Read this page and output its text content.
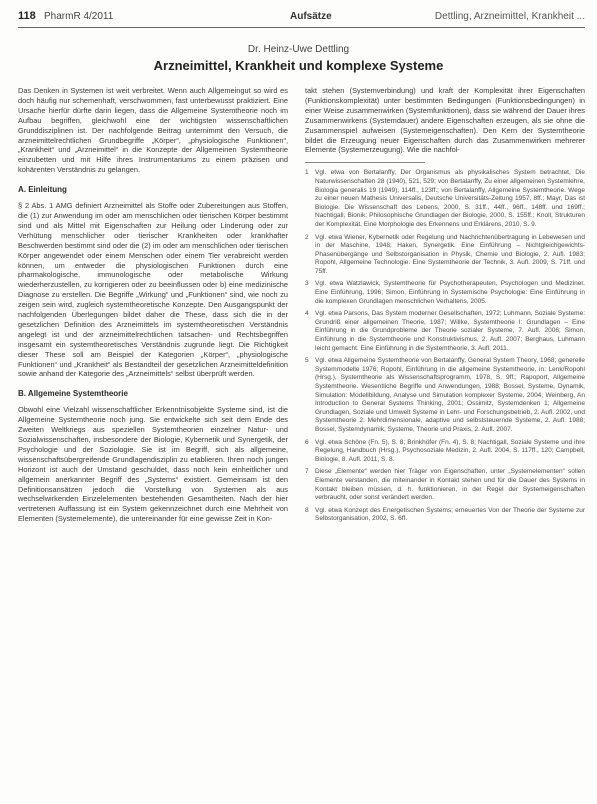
118 PharmR 4/2011	Aufsätze	Dettling, Arzneimittel, Krankheit ...
Dr. Heinz-Uwe Dettling
Arzneimittel, Krankheit und komplexe Systeme

Das Denken in Systemen ist weit verbreitet. Wenn auch Allgemeingut so wird es doch häufig nur schemenhaft, verschwommen, fast unterbewusst praktiziert. Eine Ursache hierfür dürfte darin liegen, dass die Allgemeine Systemtheorie noch im Aufbau begriffen, gleichwohl eine der wichtigsten wissenschaftlichen Grunddisziplinen ist. Der nachfolgende Beitrag unternimmt den Versuch, die arzneimittelrechtlichen Grundbegriffe „Körper“, „physiologische Funktionen“, „Krankheit“ und „Arzneimittel“ in die Konzepte der Allgemeinen Systemtheorie einzubetten und mit Hilfe ihres Instrumentariums zu einem präzisen und kohärenten Verständnis zu gelangen.

A. Einleitung

§ 2 Abs. 1 AMG definiert Arzneimittel als Stoffe oder Zubereitungen aus Stoffen, die (1) zur Anwendung im oder am menschlichen oder tierischen Körper bestimmt sind und als Mittel mit Eigenschaften zur Heilung oder Linderung oder zur Verhütung menschlicher oder tierischer Krankheiten oder krankhafter Beschwerden bestimmt sind oder die (2) im oder am menschlichen oder tierischen Körper angewendet oder einem Menschen oder einem Tier verabreicht werden können, um entweder die physiologischen Funktionen durch eine pharmakologische, immunologische oder metabolische Wirkung wiederherzustellen, zu korrigieren oder zu beeinflussen oder b) eine medizinische Diagnose zu erstellen. Die Begriffe „Wirkung“ und „Funktionen“ sind, wie noch zu zeigen sein wird, zugleich systemtheoretische Konzepte. Den Ausgangspunkt der nachfolgenden Überlegungen bildet daher die These, dass sich die in der gesetzlichen Definition des Arzneimittels im systemtheoretischen Verständnis angelegt ist und der arzneimittelrechtlichen tatsachen- und Rechtsbegriffen insgesamt ein systemtheoretisches Verständnis zugrunde liegt. Die Richtigkeit dieser These soll am Beispiel der Kategorien „Körper“, „physiologische Funktionen“ und „Krankheit“ als Bestandteil der gesetzlichen Arzneimitteldefinition sowie anhand der Kategorie des „Arzneimittels“ selbst überprüft werden.

B. Allgemeine Systemtheorie

Obwohl eine Vielzahl wissenschaftlicher Erkenntnisobjekte Systeme sind, ist die Allgemeine Systemtheorie noch jung. Sie entwickelte sich seit dem Ende des Zweiten Weltkriegs aus speziellen Systemtheorien einzelner Natur- und Sozialwissenschaften, insbesondere der Biologie, Kybernetik und Synergetik, der Psychologie und der Soziologie. Sie ist im Begriff, sich als allgemeine, wissenschaftsübergreifende Grundlagendisziplin zu etablieren. Ihren noch jungen Horizont ist auch der Umstand geschuldet, dass noch kein einheitlicher und allgemein anerkannter Begriff des „Systems“ existiert. Gemeinsam ist den Definitionsansätzen jedoch die Vorstellung von Systemen als aus wechselwirkenden Einzelelementen bestehenden Gesamtheiten. Nach der hier vertretenen Auffassung ist ein System gekennzeichnet durch eine Mehrheit von Elementen (Systemelemente), die untereinander für eine gewisse Zeit in Kon-

takt stehen (Systemverbindung) und kraft der Komplexität ihrer Eigenschaften (Funktionskomplexität) unter bestimmten Bedingungen (Funktionsbedingungen) in einer Weise zusammenwirken (Systemfunktionen), dass sie während der Dauer ihres Zusammenwirkens (Systemdauer) andere Eigenschaften erzeugen, als sie ohne die Zusammenspiel aufweisen (Systemeigenschaften). Den Kern der Systemtheorie bildet die Erzeugung neuer Eigenschaften durch das Zusammenwirken mehrerer Elemente (Systemerzeugung). Wie die nachfol-

1 Vgl. etwa von Bertalanffy, Der Organismus als physikalisches System betrachtet, Die Naturwissenschaften 28 (1940), 521, 529; von Bertalanffy, Zu einer allgemeinen Systemlehre, Biologia generalis 19 (1949), 114ff., 123ff.; von Bertalanffy, Allgemeine Systemtheorie. Wege zu einer neuen Mathesis Universalis, Deutsche Universitäts-Zeitung 1957, 8ff.; Mayr, Das ist Biologie. Die Wissenschaft des Lebens, 2000, S. 31ff., 44ff., 96ff., 148ff. und 169ff.; Nachtigall, Bionik: Philosophische Grundlagen der Biologie, 2000, S. 155ff.; Knoll, Strukturen der Komplexität. Eine Morphologie des Erkennens und Erklärens, 2010, S. 9.
2 Vgl. etwa Wiener, Kybernetik oder Regelung und Nachrichtenübertragung in Lebewesen und in der Maschine, 1948; Haken, Synergetik. Eine Einführung – Nichtgleichgewichts-Phasenübergänge und Selbstorganisation in Physik, Chemie und Biologie, 2. Aufl. 1983; Ropohl, Allgemeine Technologie. Eine Systemtheorie der Technik, 3. Aufl. 2009, S. 71ff. und 75ff.
3 Vgl. etwa Watzlawick, Systemtheorie für Psychotherapeuten, Psychologen und Mediziner. Eine Einführung, 1996; Simon, Einführung in Systemische Psychologie: Eine Einführung in die komplexen Grundlagen menschlichen Verhaltens, 2005.
4 Vgl. etwa Parsons, Das System moderner Gesellschaften, 1972; Luhmann, Soziale Systeme: Grundriß einer allgemeinen Theorie, 1987; Willke, Systemtheorie I: Grundlagen – Eine Einführung in die Grundprobleme der Theorie sozialer Systeme, 7. Aufl. 2006; Simon, Einführung in die Systemtheorie und Konstruktivismus, 2. Aufl. 2007; Berghaus, Luhmann leicht gemacht. Eine Einführung in die Systemtheorie, 3. Aufl. 2011.
5 Vgl. etwa Allgemeine Systemtheorie von Bertalanffy, General System Theory, 1968; generelle Systemmodelle 1976; Ropohl, Einführung in die allgemeine Systemtheorie, in: Lenk/Ropohl (Hrsg.), Systemtheorie als Wissenschaftsprogramm, 1978, S. 9ff.; Rapoport, Allgemeine Systemtheorie. Wesentliche Begriffe und Anwendungen, 1988; Bossel, Systeme, Dynamik, Simulation: Modellbildung, Analyse und Simulation komplexer Systeme, 2004; Weinberg, An Introduction to General Systems Thinking, 2001; Ossimitz, Systemdenken 1; Allgemeine Grundlagen, Soziale und Umwelt Systeme in Lehr- und Forschungsbetrieb, 2. Aufl. 2002, und Systemtheorie 2: Mehrdimensionale, adaptive und selbststeuernde Systeme, 2. Aufl. 1988; Bossel, Systemdynamik, Systeme, Theorie und Praxis, 2. Aufl. 2007.
6 Vgl. etwa Schöne (Fn. 5), S. 8; Brinkhöfer (Fn. 4), S. 8; Nachtigall, Soziale Systeme und ihre Regelung, Handbuch (Hrsg.), Psychosoziale Medizin, 2. Aufl. 2004, S. 117ff., 120; Campbell, Biologie, 8. Aufl. 2011, S. 8.
7 Diese „Elemente“ werden hier Träger von Eigenschaften, unter „Systemelementen“ sollen Elemente verstanden, die miteinander in Kontakt stehen und für die Dauer des Systems in Kontakt bleiben müssen, d. h. funktionieren, in der Regel der Systemeigenschaften verbraucht, oder sonst verändert werden.
8 Vgl. etwa Konzept des Energetischen Systems; erneuertes Von der Theorie der Systeme zur Selbstorganisation, 2002, S. 6ff.
